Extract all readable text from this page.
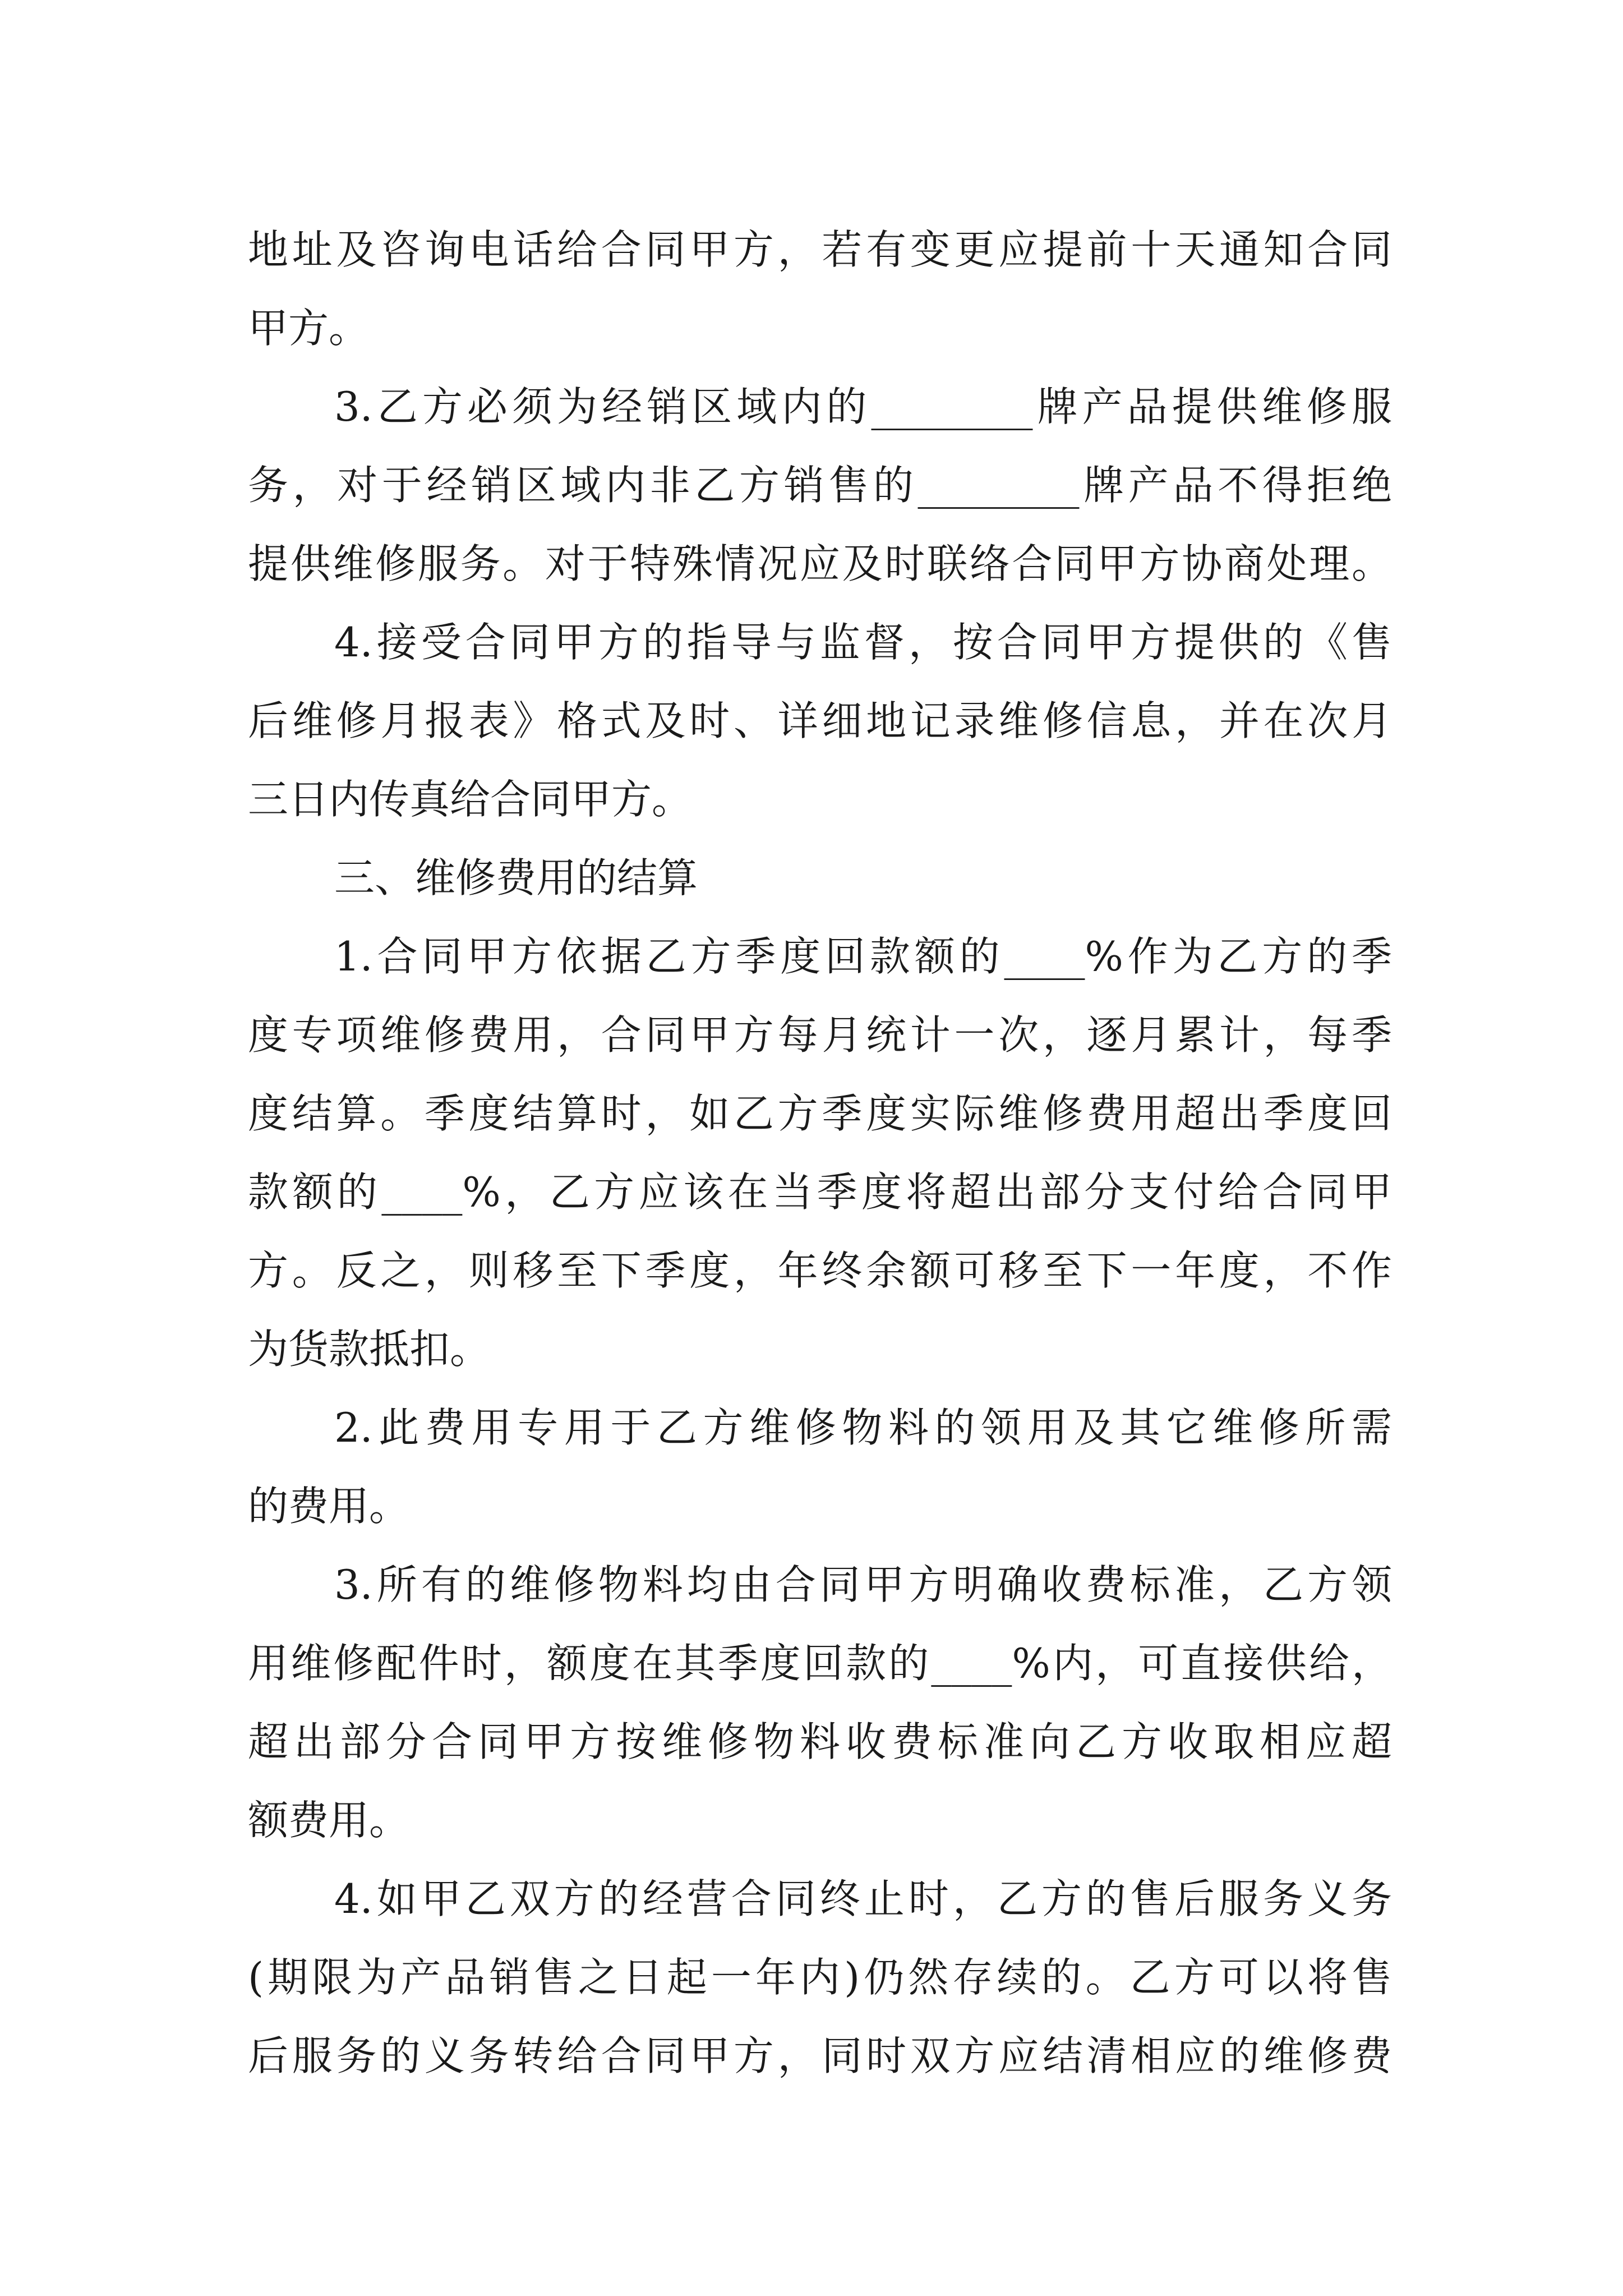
地址及咨询电话给合同甲方，若有变更应提前十天通知合同
甲方。
3.乙方必须为经销区域内的________牌产品提供维修服
务，对于经销区域内非乙方销售的________牌产品不得拒绝
提供维修服务。对于特殊情况应及时联络合同甲方协商处理。
4.接受合同甲方的指导与监督，按合同甲方提供的《售
后维修月报表》格式及时、详细地记录维修信息，并在次月
三日内传真给合同甲方。
三、维修费用的结算
1.合同甲方依据乙方季度回款额的____%作为乙方的季
度专项维修费用，合同甲方每月统计一次，逐月累计，每季
度结算。季度结算时，如乙方季度实际维修费用超出季度回
款额的____%，乙方应该在当季度将超出部分支付给合同甲
方。反之，则移至下季度，年终余额可移至下一年度，不作
为货款抵扣。
2.此费用专用于乙方维修物料的领用及其它维修所需
的费用。
3.所有的维修物料均由合同甲方明确收费标准，乙方领
用维修配件时，额度在其季度回款的____%内，可直接供给，
超出部分合同甲方按维修物料收费标准向乙方收取相应超
额费用。
4.如甲乙双方的经营合同终止时，乙方的售后服务义务
(期限为产品销售之日起一年内)仍然存续的。乙方可以将售
后服务的义务转给合同甲方，同时双方应结清相应的维修费
